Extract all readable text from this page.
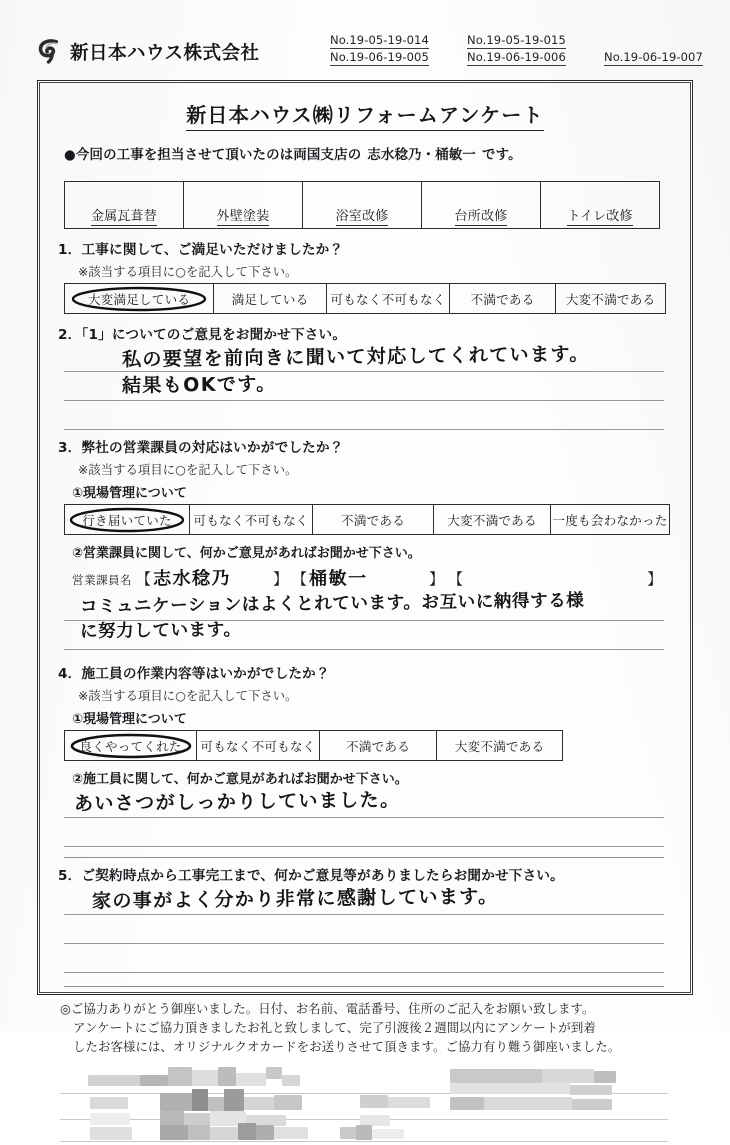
新日本ハウス株式会社
No.19-05-19-014	No.19-05-19-015
No.19-06-19-005	No.19-06-19-006	No.19-06-19-007
新日本ハウス㈱リフォームアンケート
●今回の工事を担当させて頂いたのは両国支店の 志水稔乃・桶敏一 です。
金属瓦葺替	外壁塗装	浴室改修	台所改修	トイレ改修
1．工事に関して、ご満足いただけましたか？
※該当する項目に○を記入して下さい。
大変満足している	満足している	可もなく不可もなく	不満である	大変不満である
2．「1」についてのご意見をお聞かせ下さい。
私の要望を前向きに聞いて対応してくれています。
結果もOKです。
3．弊社の営業課員の対応はいかがでしたか？
※該当する項目に○を記入して下さい。
①現場管理について
行き届いていた	可もなく不可もなく	不満である	大変不満である	一度も会わなかった
②営業課員に関して、何かご意見があればお聞かせ下さい。
営業課員名 【 志水稔乃	】 【 桶敏一	】 【	】
コミュニケーションはよくとれています。お互いに納得する様
に努力しています。
4．施工員の作業内容等はいかがでしたか？
※該当する項目に○を記入して下さい。
①現場管理について
良くやってくれた	可もなく不可もなく	不満である	大変不満である
②施工員に関して、何かご意見があればお聞かせ下さい。
あいさつがしっかりしていました。
5．ご契約時点から工事完工まで、何かご意見等がありましたらお聞かせ下さい。
家の事がよく分かり非常に感謝しています。
◎ご協力ありがとう御座いました。日付、お名前、電話番号、住所のご記入をお願い致します。
アンケートにご協力頂きましたお礼と致しまして、完了引渡後２週間以内にアンケートが到着
したお客様には、オリジナルクオカードをお送りさせて頂きます。ご協力有り難う御座いました。
